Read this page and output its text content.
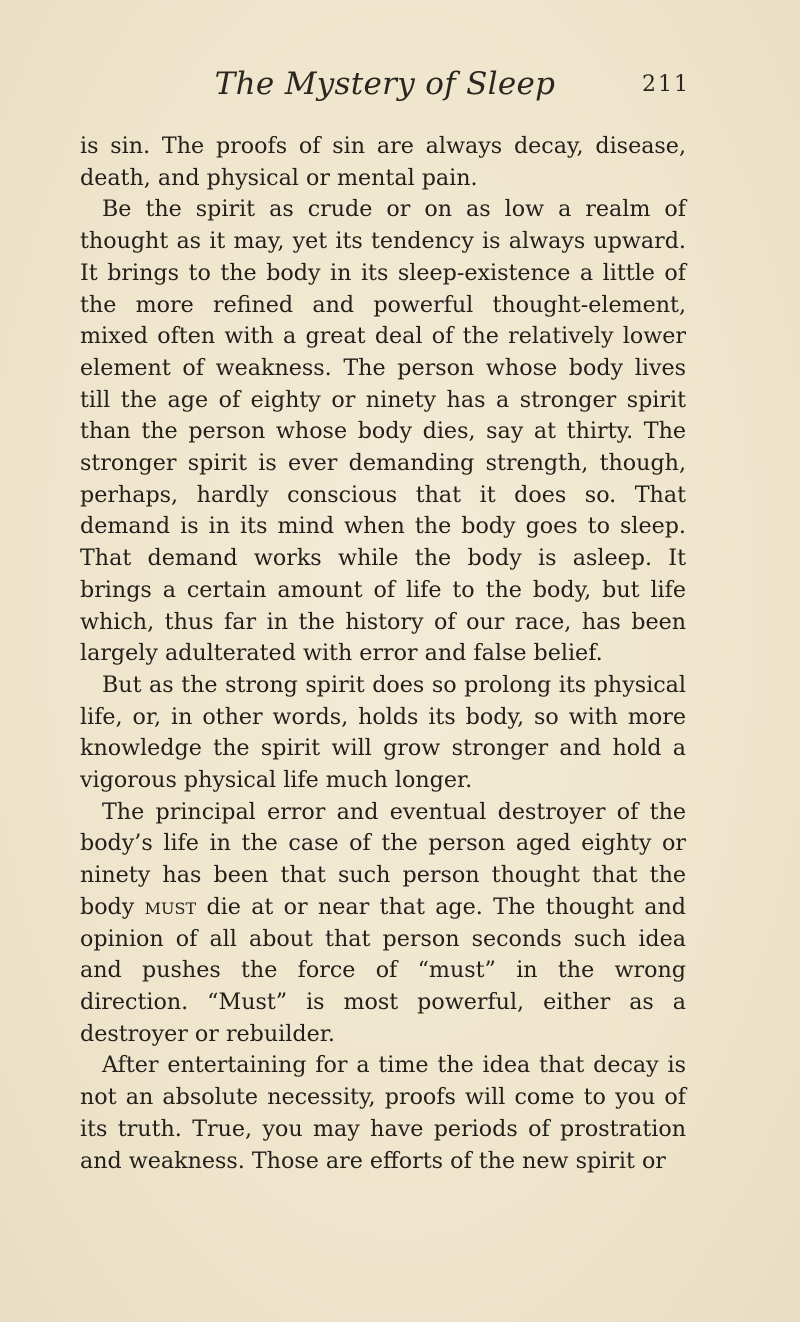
The Mystery of Sleep	211

is sin. The proofs of sin are always decay, disease, death, and physical or mental pain.

Be the spirit as crude or on as low a realm of thought as it may, yet its tendency is always upward. It brings to the body in its sleep-existence a little of the more refined and powerful thought-element, mixed often with a great deal of the relatively lower element of weakness. The person whose body lives till the age of eighty or ninety has a stronger spirit than the person whose body dies, say at thirty. The stronger spirit is ever demanding strength, though, perhaps, hardly conscious that it does so. That demand is in its mind when the body goes to sleep. That demand works while the body is asleep. It brings a certain amount of life to the body, but life which, thus far in the history of our race, has been largely adulterated with error and false belief.

But as the strong spirit does so prolong its physical life, or, in other words, holds its body, so with more knowledge the spirit will grow stronger and hold a vigorous physical life much longer.

The principal error and eventual destroyer of the body’s life in the case of the person aged eighty or ninety has been that such person thought that the body must die at or near that age. The thought and opinion of all about that person seconds such idea and pushes the force of “must” in the wrong direction. “Must” is most powerful, either as a destroyer or rebuilder.

After entertaining for a time the idea that decay is not an absolute necessity, proofs will come to you of its truth. True, you may have periods of prostration and weakness. Those are efforts of the new spirit or
